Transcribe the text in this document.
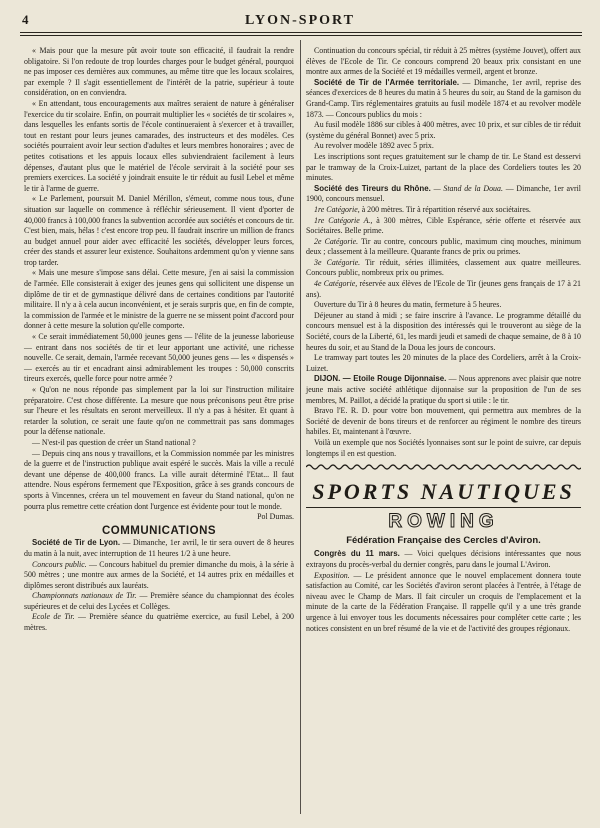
4	LYON-SPORT

« Mais pour que la mesure pût avoir toute son efficacité, il faudrait la rendre obligatoire. Si l'on redoute de trop lourdes charges pour le budget général, pourquoi ne pas imposer ces dernières aux communes, au même titre que les locaux scolaires, par exemple ? Il s'agit essentiellement de l'intérêt de la patrie, supérieur à toute considération, on en conviendra.

« En attendant, tous encouragements aux maîtres seraient de nature à généraliser l'exercice du tir scolaire. Enfin, on pourrait multiplier les « sociétés de tir scolaires », dans lesquelles les enfants sortis de l'école continueraient à s'exercer et à travailler, tout en restant pour leurs jeunes camarades, des instructeurs et des modèles. Ces sociétés pourraient avoir leur section d'adultes et leurs membres honoraires ; avec de petites cotisations et les appuis locaux elles subviendraient facilement à leurs dépenses, d'autant plus que le matériel de l'école servirait à la société pour ses premiers exercices. La société y joindrait ensuite le tir réduit au fusil Lebel et même le tir à l'arme de guerre.

« Le Parlement, poursuit M. Daniel Mérillon, s'émeut, comme nous tous, d'une situation sur laquelle on commence à réfléchir sérieusement. Il vient d'porter de 40,000 francs à 100,000 francs la subvention accordée aux sociétés et concours de tir. C'est bien, mais, hélas ! c'est encore trop peu. Il faudrait inscrire un million de francs au budget annuel pour aider avec efficacité les sociétés, développer leurs forces, créer des stands et assurer leur existence. Souhaitons ardemment qu'on y vienne sans trop tarder.

« Mais une mesure s'impose sans délai. Cette mesure, j'en ai saisi la commission de l'armée. Elle consisterait à exiger des jeunes gens qui sollicitent une dispense un diplôme de tir et de gymnastique délivré dans de certaines conditions par l'autorité militaire. Il n'y a à cela aucun inconvénient, et je serais surpris que, en fin de compte, la commission de l'armée et le ministre de la guerre ne se missent point d'accord pour donner à cette mesure la solution qu'elle comporte.

« Ce serait immédiatement 50,000 jeunes gens — l'élite de la jeunesse laborieuse — entrant dans nos sociétés de tir et leur apportant une activité, une richesse nouvelle. Ce serait, demain, l'armée recevant 50,000 jeunes gens — les « dispensés » — exercés au tir et encadrant ainsi admirablement les troupes : 50,000 conscrits tireurs exercés, quelle force pour notre armée ?

« Qu'on ne nous réponde pas simplement par la loi sur l'instruction militaire préparatoire. C'est chose différente. La mesure que nous préconisons peut être prise sur l'heure et les résultats en seront merveilleux. Il n'y a pas à hésiter. Et quant à retarder la solution, ce serait une faute qu'on ne commettrait pas sans dommages pour la défense nationale.

— N'est-il pas question de créer un Stand national ?

— Depuis cinq ans nous y travaillons, et la Commission nommée par les ministres de la guerre et de l'instruction publique avait espéré le succès. Mais la ville a reculé devant une dépense de 400,000 francs. La ville aurait déterminé l'Etat... Il faut attendre. Nous espérons fermement que l'Exposition, grâce à ses grands concours de sports à Vincennes, créera un tel mouvement en faveur du Stand national, qu'on ne pourra plus remettre cette création dont l'urgence est évidente pour tout le monde.

Pol Dumas.

COMMUNICATIONS

Société de Tir de Lyon. — Dimanche, 1er avril, le tir sera ouvert de 8 heures du matin à la nuit, avec interruption de 11 heures 1/2 à une heure.

Concours public. — Concours habituel du premier dimanche du mois, à la série à 500 mètres ; une montre aux armes de la Société, et 14 autres prix en médailles et diplômes seront distribués aux lauréats.

Championnats nationaux de Tir. — Première séance du championnat des écoles supérieures et de celui des Lycées et Collèges.

Ecole de Tir. — Première séance du quatrième exercice, au fusil Lebel, à 200 mètres.

Continuation du concours spécial, tir réduit à 25 mètres (système Jouvet), offert aux élèves de l'Ecole de Tir. Ce concours comprend 20 beaux prix consistant en une montre aux armes de la Société et 19 médailles vermeil, argent et bronze.

Société de Tir de l'Armée territoriale. — Dimanche, 1er avril, reprise des séances d'exercices de 8 heures du matin à 5 heures du soir, au Stand de la garnison du Grand-Camp. Tirs réglementaires gratuits au fusil modèle 1874 et au revolver modèle 1873. — Concours publics du mois :

Au fusil modèle 1886 sur cibles à 400 mètres, avec 10 prix, et sur cibles de tir réduit (système du général Bonnet) avec 5 prix.

Au revolver modèle 1892 avec 5 prix.

Les inscriptions sont reçues gratuitement sur le champ de tir. Le Stand est desservi par le tramway de la Croix-Luizet, partant de la place des Cordeliers toutes les 20 minutes.

Société des Tireurs du Rhône. — Stand de la Doua. — Dimanche, 1er avril 1900, concours mensuel.

1re Catégorie, à 200 mètres. Tir à répartition réservé aux sociétaires.

1re Catégorie A., à 300 mètres, Cible Espérance, série offerte et réservée aux Sociétaires. Belle prime.

2e Catégorie. Tir au contre, concours public, maximum cinq mouches, minimum deux ; classement à la meilleure. Quarante francs de prix ou primes.

3e Catégorie. Tir réduit, séries illimitées, classement aux quatre meilleures. Concours public, nombreux prix ou primes.

4e Catégorie, réservée aux élèves de l'Ecole de Tir (jeunes gens français de 17 à 21 ans).

Ouverture du Tir à 8 heures du matin, fermeture à 5 heures.

Déjeuner au stand à midi ; se faire inscrire à l'avance. Le programme détaillé du concours mensuel est à la disposition des intéressés qui le trouveront au siège de la Société, cours de la Liberté, 61, les mardi jeudi et samedi de chaque semaine, de 8 à 10 heures du soir, et au Stand de la Doua les jours de concours.

Le tramway part toutes les 20 minutes de la place des Cordeliers, arrêt à la Croix-Luizet.

DIJON. — Etoile Rouge Dijonnaise. — Nous apprenons avec plaisir que notre jeune mais active société athlétique dijonnaise sur la proposition de l'un de ses membres, M. Paillot, a décidé la pratique du sport si utile : le tir.

Bravo l'E. R. D. pour votre bon mouvement, qui permettra aux membres de la Société de devenir de bons tireurs et de renforcer au régiment le nombre des tireurs habiles. Et, maintenant à l'œuvre.

Voilà un exemple que nos Sociétés lyonnaises sont sur le point de suivre, car depuis longtemps il en est question.

SPORTS NAUTIQUES
ROWING
Fédération Française des Cercles d'Aviron.

Congrès du 11 mars. — Voici quelques décisions intéressantes que nous extrayons du procès-verbal du dernier congrès, paru dans le journal L'Aviron.

Exposition. — Le président annonce que le nouvel emplacement donnera toute satisfaction au Comité, car les Sociétés d'aviron seront placées à l'entrée, à l'étage de niveau avec le Champ de Mars. Il fait circuler un croquis de l'emplacement et la minute de la carte de la Fédération Française. Il rappelle qu'il y a une très grande urgence à lui envoyer tous les documents nécessaires pour compléter cette carte ; les notices consistent en un bref résumé de la vie et de l'activité des groupes régionaux.
